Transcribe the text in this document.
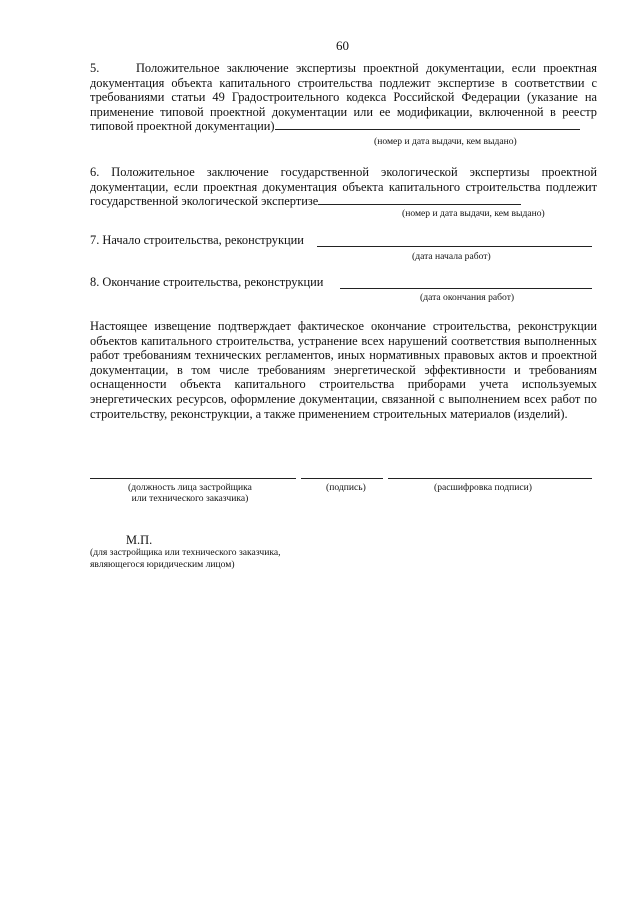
60

5.     Положительное заключение экспертизы проектной документации, если проектная документация объекта капитального строительства подлежит экспертизе в соответствии с требованиями статьи 49 Градостроительного кодекса Российской Федерации (указание на применение типовой проектной документации или ее модификации, включенной в реестр типовой проектной документации)

(номер и дата выдачи, кем выдано)

6. Положительное заключение государственной экологической экспертизы проектной документации, если проектная документация объекта капитального строительства подлежит государственной экологической экспертизе

(номер и дата выдачи, кем выдано)
7. Начало строительства, реконструкции
(дата начала работ)
8. Окончание строительства, реконструкции
(дата окончания работ)

Настоящее извещение подтверждает фактическое окончание строительства, реконструкции объектов капитального строительства, устранение всех нарушений соответствия выполненных работ требованиям технических регламентов, иных нормативных правовых актов и проектной документации, в том числе требованиям энергетической эффективности и требованиям оснащенности объекта капитального строительства приборами учета используемых энергетических ресурсов, оформление документации, связанной с выполнением всех работ по строительству, реконструкции, а также применением строительных материалов (изделий).

(должность лица застройщика
или технического заказчика)
(подпись)	(расшифровка подписи)
М.П.
(для застройщика или технического заказчика,
являющегося юридическим лицом)
